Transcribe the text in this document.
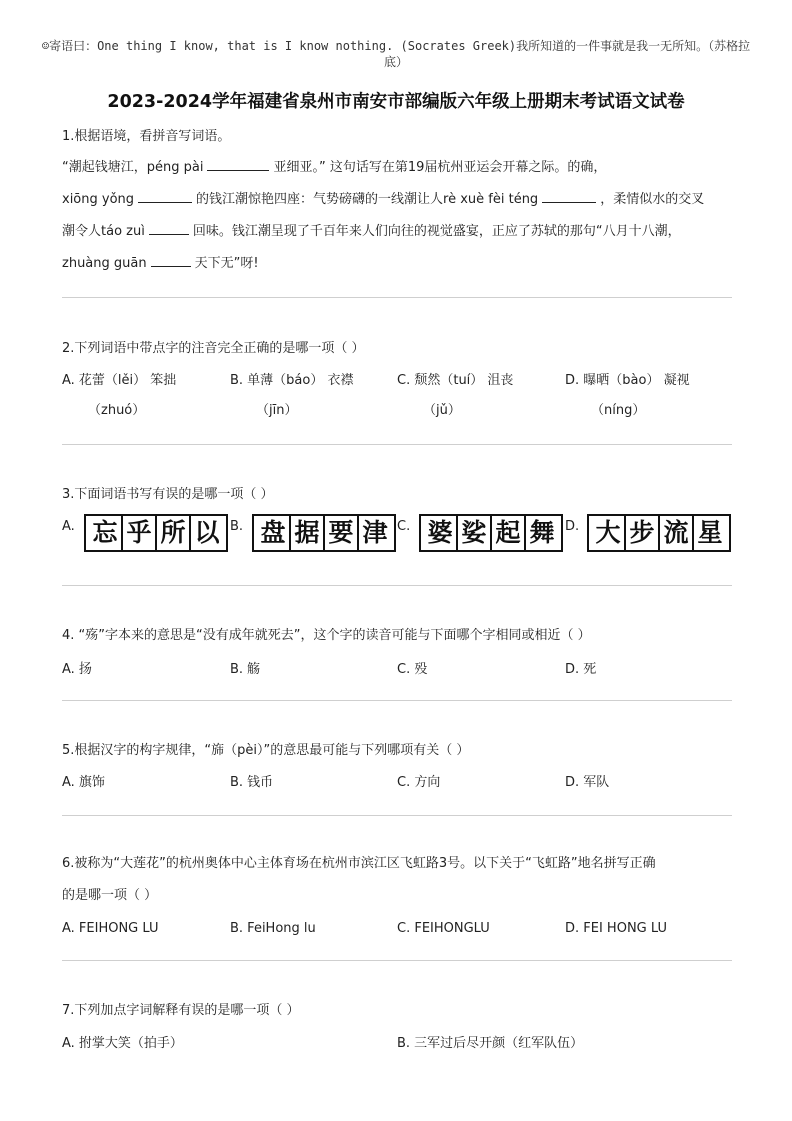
☺寄语曰：One thing I know, that is I know nothing. (Socrates Greek)我所知道的一件事就是我一无所知。（苏格拉底）
2023-2024学年福建省泉州市南安市部编版六年级上册期末考试语文试卷
1.根据语境，看拼音写词语。
“潮起钱塘江，péng pài	亚细亚。” 这句话写在第19届杭州亚运会开幕之际。的确，
xiōng yǒng	的钱江潮惊艳四座：气势磅礴的一线潮让人rè xuè fèi téng	，柔情似水的交叉
潮令人táo zuì	回味。钱江潮呈现了千百年来人们向往的视觉盛宴，正应了苏轼的那句“八月十八潮，
zhuàng guān	天下无”呀!
2.下列词语中带点字的注音完全正确的是哪一项（ ）
A. 花蕾（lěi） 笨拙
（zhuó）
B. 单薄（báo） 衣襟
（jīn）
C. 颓然（tuí） 沮丧
（jǔ）
D. 曝晒（bào） 凝视
（níng）
3.下面词语书写有误的是哪一项（ ）
A. 忘 乎 所 以 B. 盘 据 要 津 C. 婆 娑 起 舞 D. 大 步 流 星
4. “殇”字本来的意思是“没有成年就死去”，这个字的读音可能与下面哪个字相同或相近（ ）
A. 扬	B. 觞	C. 殁	D. 死
5.根据汉字的构字规律，“旆（pèi）”的意思最可能与下列哪项有关（ ）
A. 旗饰	B. 钱币	C. 方向	D. 军队
6.被称为“大莲花”的杭州奥体中心主体育场在杭州市滨江区飞虹路3号。以下关于“飞虹路”地名拼写正确
的是哪一项（ ）
A. FEIHONG LU	B. FeiHong lu	C. FEIHONGLU	D. FEI HONG LU
7.下列加点字词解释有误的是哪一项（ ）
A. 拊掌大笑（拍手）	B. 三军过后尽开颜（红军队伍）
